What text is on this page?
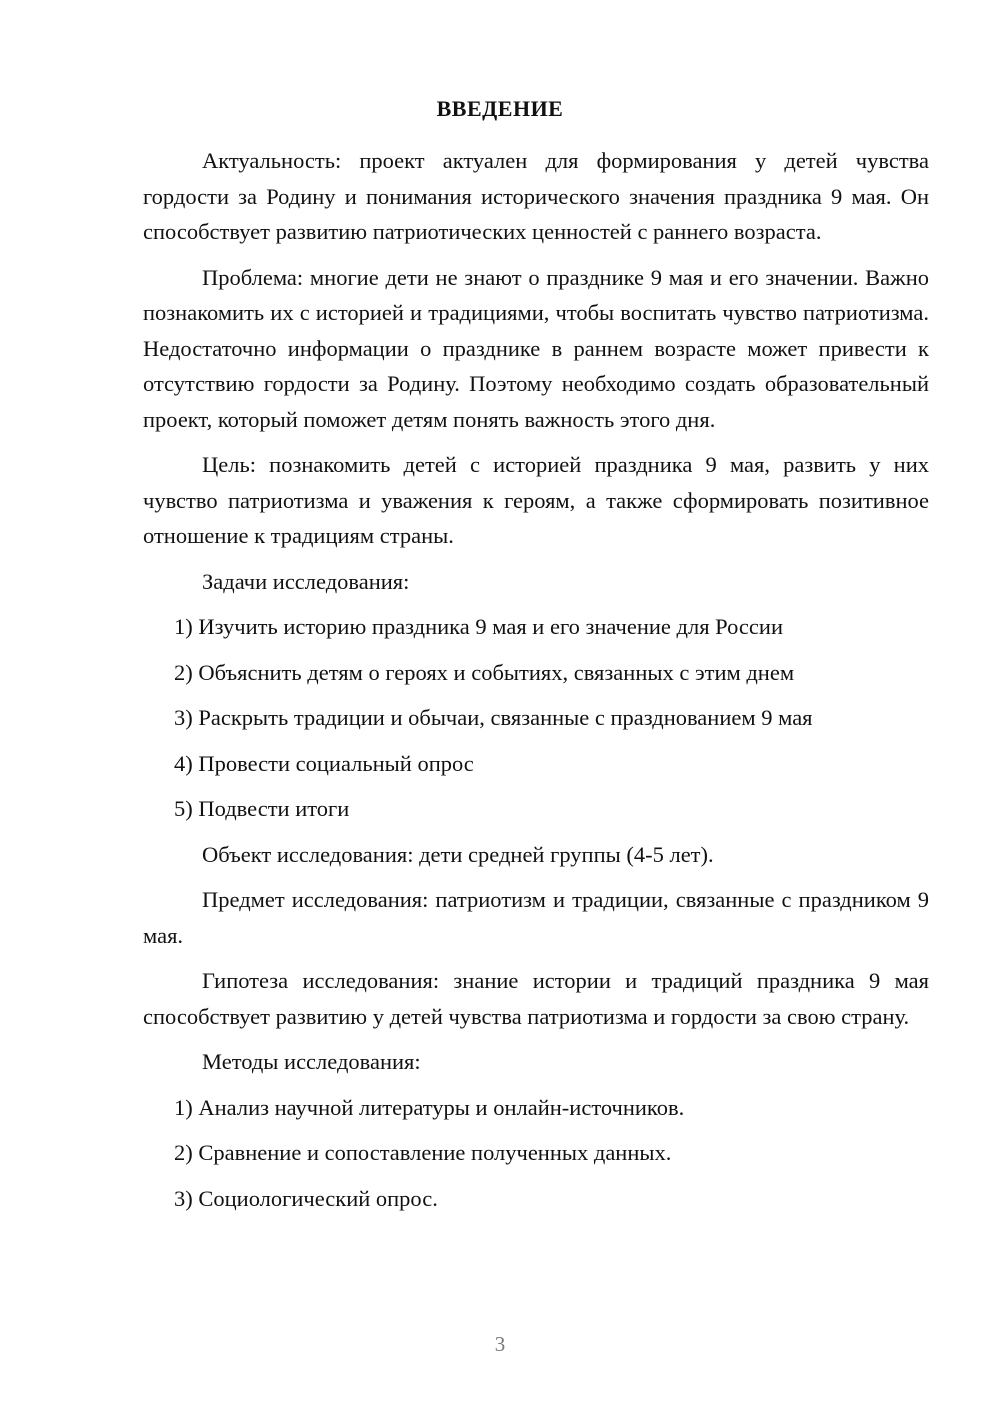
ВВЕДЕНИЕ

Актуальность: проект актуален для формирования у детей чувства гордости за Родину и понимания исторического значения праздника 9 мая. Он способствует развитию патриотических ценностей с раннего возраста.

Проблема: многие дети не знают о празднике 9 мая и его значении. Важно познакомить их с историей и традициями, чтобы воспитать чувство патриотизма. Недостаточно информации о празднике в раннем возрасте может привести к отсутствию гордости за Родину. Поэтому необходимо создать образовательный проект, который поможет детям понять важность этого дня.

Цель: познакомить детей с историей праздника 9 мая, развить у них чувство патриотизма и уважения к героям, а также сформировать позитивное отношение к традициям страны.

Задачи исследования:

1) Изучить историю праздника 9 мая и его значение для России

2) Объяснить детям о героях и событиях, связанных с этим днем

3) Раскрыть традиции и обычаи, связанные с празднованием 9 мая

4) Провести социальный опрос

5) Подвести итоги

Объект исследования: дети средней группы (4-5 лет).

Предмет исследования: патриотизм и традиции, связанные с праздником 9 мая.

Гипотеза исследования: знание истории и традиций праздника 9 мая способствует развитию у детей чувства патриотизма и гордости за свою страну.

Методы исследования:

1) Анализ научной литературы и онлайн-источников.

2) Сравнение и сопоставление полученных данных.

3) Социологический опрос.

3
